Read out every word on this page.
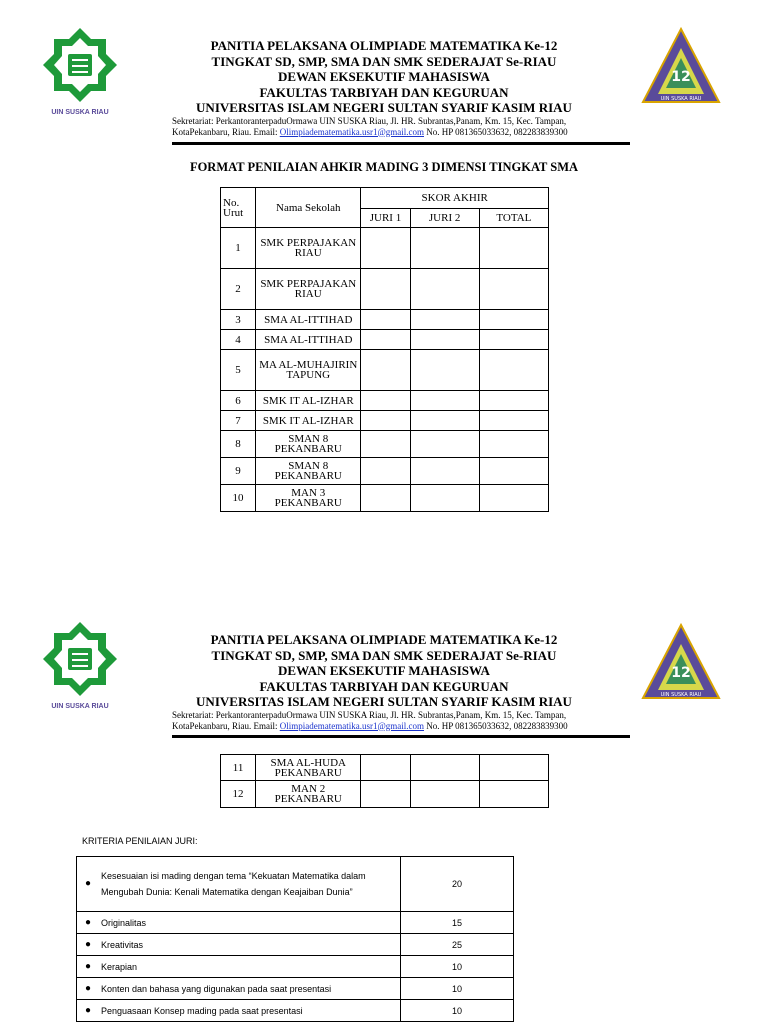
UIN SUSKA RIAU
PANITIA PELAKSANA OLIMPIADE MATEMATIKA Ke-12
TINGKAT SD, SMP, SMA DAN SMK SEDERAJAT Se-RIAU
DEWAN EKSEKUTIF MAHASISWA
FAKULTAS TARBIYAH DAN KEGURUAN
UNIVERSITAS ISLAM NEGERI SULTAN SYARIF KASIM RIAU
12
UIN SUSKA RIAU
Sekretariat: PerkantoranterpaduOrmawa UIN SUSKA Riau, Jl. HR. Subrantas,Panam, Km. 15, Kec. Tampan,
KotaPekanbaru, Riau. Email: Olimpiadematematika.usr1@gmail.com No. HP 081365033632, 082283839300
FORMAT PENILAIAN AHKIR MADING 3 DIMENSI TINGKAT SMA
No. Urut	Nama Sekolah	SKOR AKHIR		
		JURI 1	JURI 2	TOTAL
1	SMK PERPAJAKAN RIAU			
2	SMK PERPAJAKAN RIAU			
3	SMA AL-ITTIHAD			
4	SMA AL-ITTIHAD			
5	MA AL-MUHAJIRIN TAPUNG			
6	SMK IT AL-IZHAR			
7	SMK IT AL-IZHAR			
8	SMAN 8 PEKANBARU			
9	SMAN 8 PEKANBARU			
10	MAN 3 PEKANBARU			
UIN SUSKA RIAU
PANITIA PELAKSANA OLIMPIADE MATEMATIKA Ke-12
TINGKAT SD, SMP, SMA DAN SMK SEDERAJAT Se-RIAU
DEWAN EKSEKUTIF MAHASISWA
FAKULTAS TARBIYAH DAN KEGURUAN
UNIVERSITAS ISLAM NEGERI SULTAN SYARIF KASIM RIAU
12
UIN SUSKA RIAU
Sekretariat: PerkantoranterpaduOrmawa UIN SUSKA Riau, Jl. HR. Subrantas,Panam, Km. 15, Kec. Tampan,
KotaPekanbaru, Riau. Email: Olimpiadematematika.usr1@gmail.com No. HP 081365033632, 082283839300
11	SMA AL-HUDA PEKANBARU			
12	MAN 2 PEKANBARU			
KRITERIA PENILAIAN JURI:
●
Kesesuaian isi mading dengan tema “Kekuatan Matematika dalam Mengubah Dunia: Kenali Matematika dengan Keajaiban Dunia”	20

● Originalitas	15

● Kreativitas	25

● Kerapian	10

● Konten dan bahasa yang digunakan pada saat presentasi	10

● Penguasaan Konsep mading pada saat presentasi	10
